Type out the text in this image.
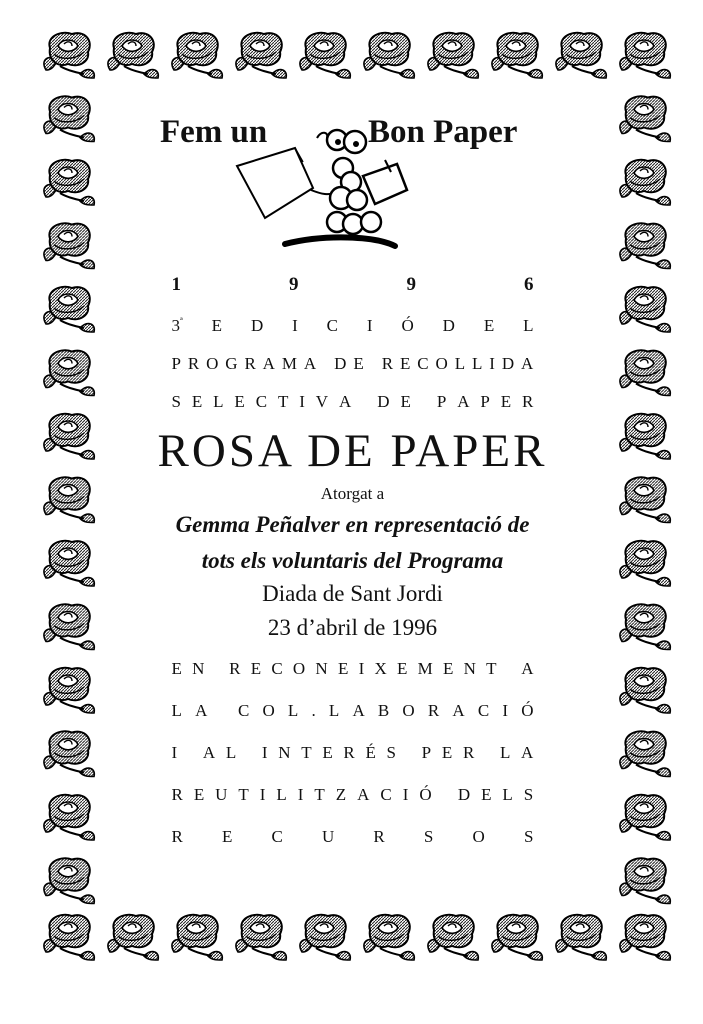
Fem un	Bon Paper
1	9	9	6
3ª E D I C I Ó D E L
P R O G R A M A
D E
R E C O L L I D A
S E L E C T I V A
D E
P A P E R
ROSA DE PAPER
Atorgat a
Gemma Peñalver en representació de
tots els voluntaris del Programa
Diada de Sant Jordi
23 d’abril de 1996
E N
R E C O N E I X E M E N T
A
L A
C O L . L A B O R A C I Ó
I
A L
I N T E R É S
P E R
L A
R E U T I L I T Z A C I Ó
D E L S
R E C U R S O S
